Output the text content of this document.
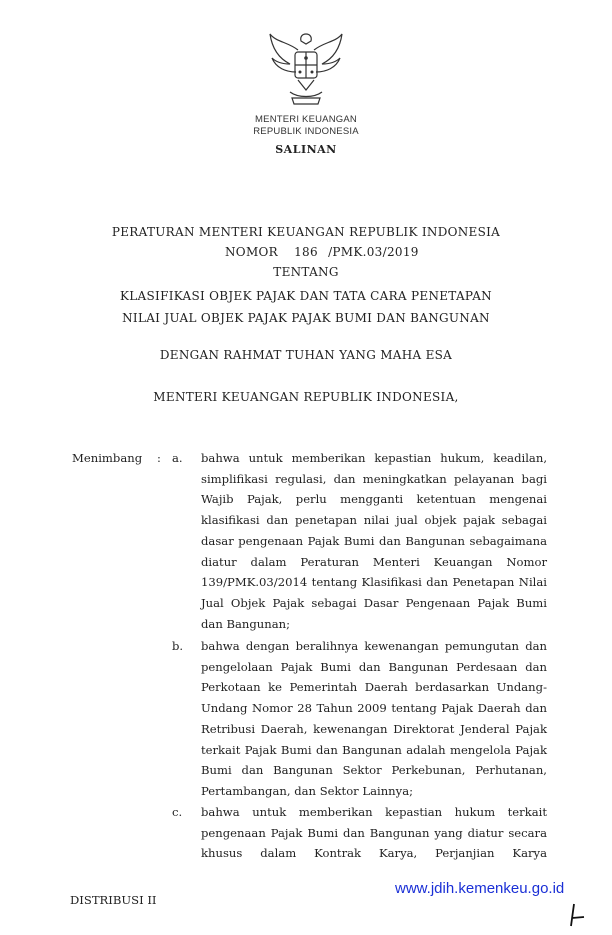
MENTERI KEUANGAN
REPUBLIK INDONESIA
SALINAN
PERATURAN MENTERI KEUANGAN REPUBLIK INDONESIA
NOMOR 186 /PMK.03/2019
TENTANG
KLASIFIKASI OBJEK PAJAK DAN TATA CARA PENETAPAN
NILAI JUAL OBJEK PAJAK PAJAK BUMI DAN BANGUNAN
DENGAN RAHMAT TUHAN YANG MAHA ESA
MENTERI KEUANGAN REPUBLIK INDONESIA,
Menimbang : a. bahwa untuk memberikan kepastian hukum, keadilan,
simplifikasi regulasi, dan meningkatkan pelayanan bagi
Wajib Pajak, perlu mengganti ketentuan mengenai
klasifikasi dan penetapan nilai jual objek pajak sebagai
dasar pengenaan Pajak Bumi dan Bangunan sebagaimana
diatur dalam Peraturan Menteri Keuangan Nomor
139/PMK.03/2014 tentang Klasifikasi dan Penetapan Nilai
Jual Objek Pajak sebagai Dasar Pengenaan Pajak Bumi
dan Bangunan;
b. bahwa dengan beralihnya kewenangan pemungutan dan
pengelolaan Pajak Bumi dan Bangunan Perdesaan dan
Perkotaan ke Pemerintah Daerah berdasarkan Undang-
Undang Nomor 28 Tahun 2009 tentang Pajak Daerah dan
Retribusi Daerah, kewenangan Direktorat Jenderal Pajak
terkait Pajak Bumi dan Bangunan adalah mengelola Pajak
Bumi dan Bangunan Sektor Perkebunan, Perhutanan,
Pertambangan, dan Sektor Lainnya;
c. bahwa untuk memberikan kepastian hukum terkait
pengenaan Pajak Bumi dan Bangunan yang diatur secara
khusus dalam Kontrak Karya, Perjanjian Karya
DISTRIBUSI II
www.jdih.kemenkeu.go.id
